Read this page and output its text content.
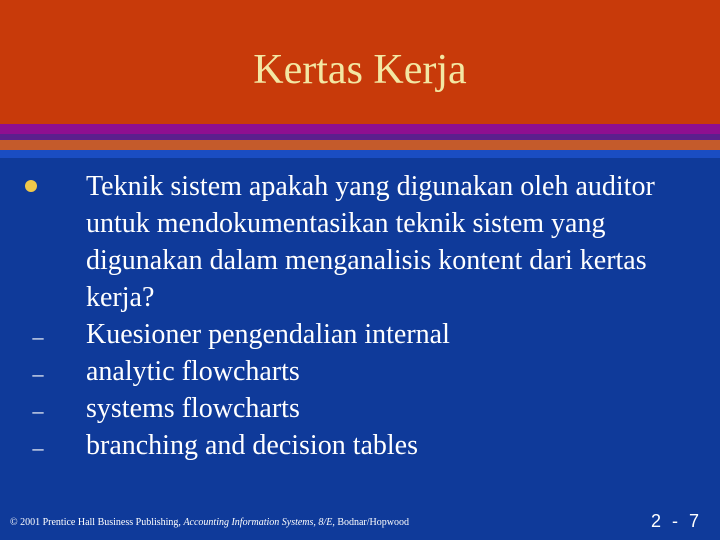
Kertas Kerja
Teknik sistem apakah yang digunakan oleh auditor untuk mendokumentasikan teknik sistem yang digunakan dalam menganalisis kontent dari kertas kerja?
–	Kuesioner pengendalian internal
–	analytic flowcharts
–	systems flowcharts
–	branching and decision tables
© 2001 Prentice Hall Business Publishing, Accounting Information Systems, 8/E, Bodnar/Hopwood	2 - 7
